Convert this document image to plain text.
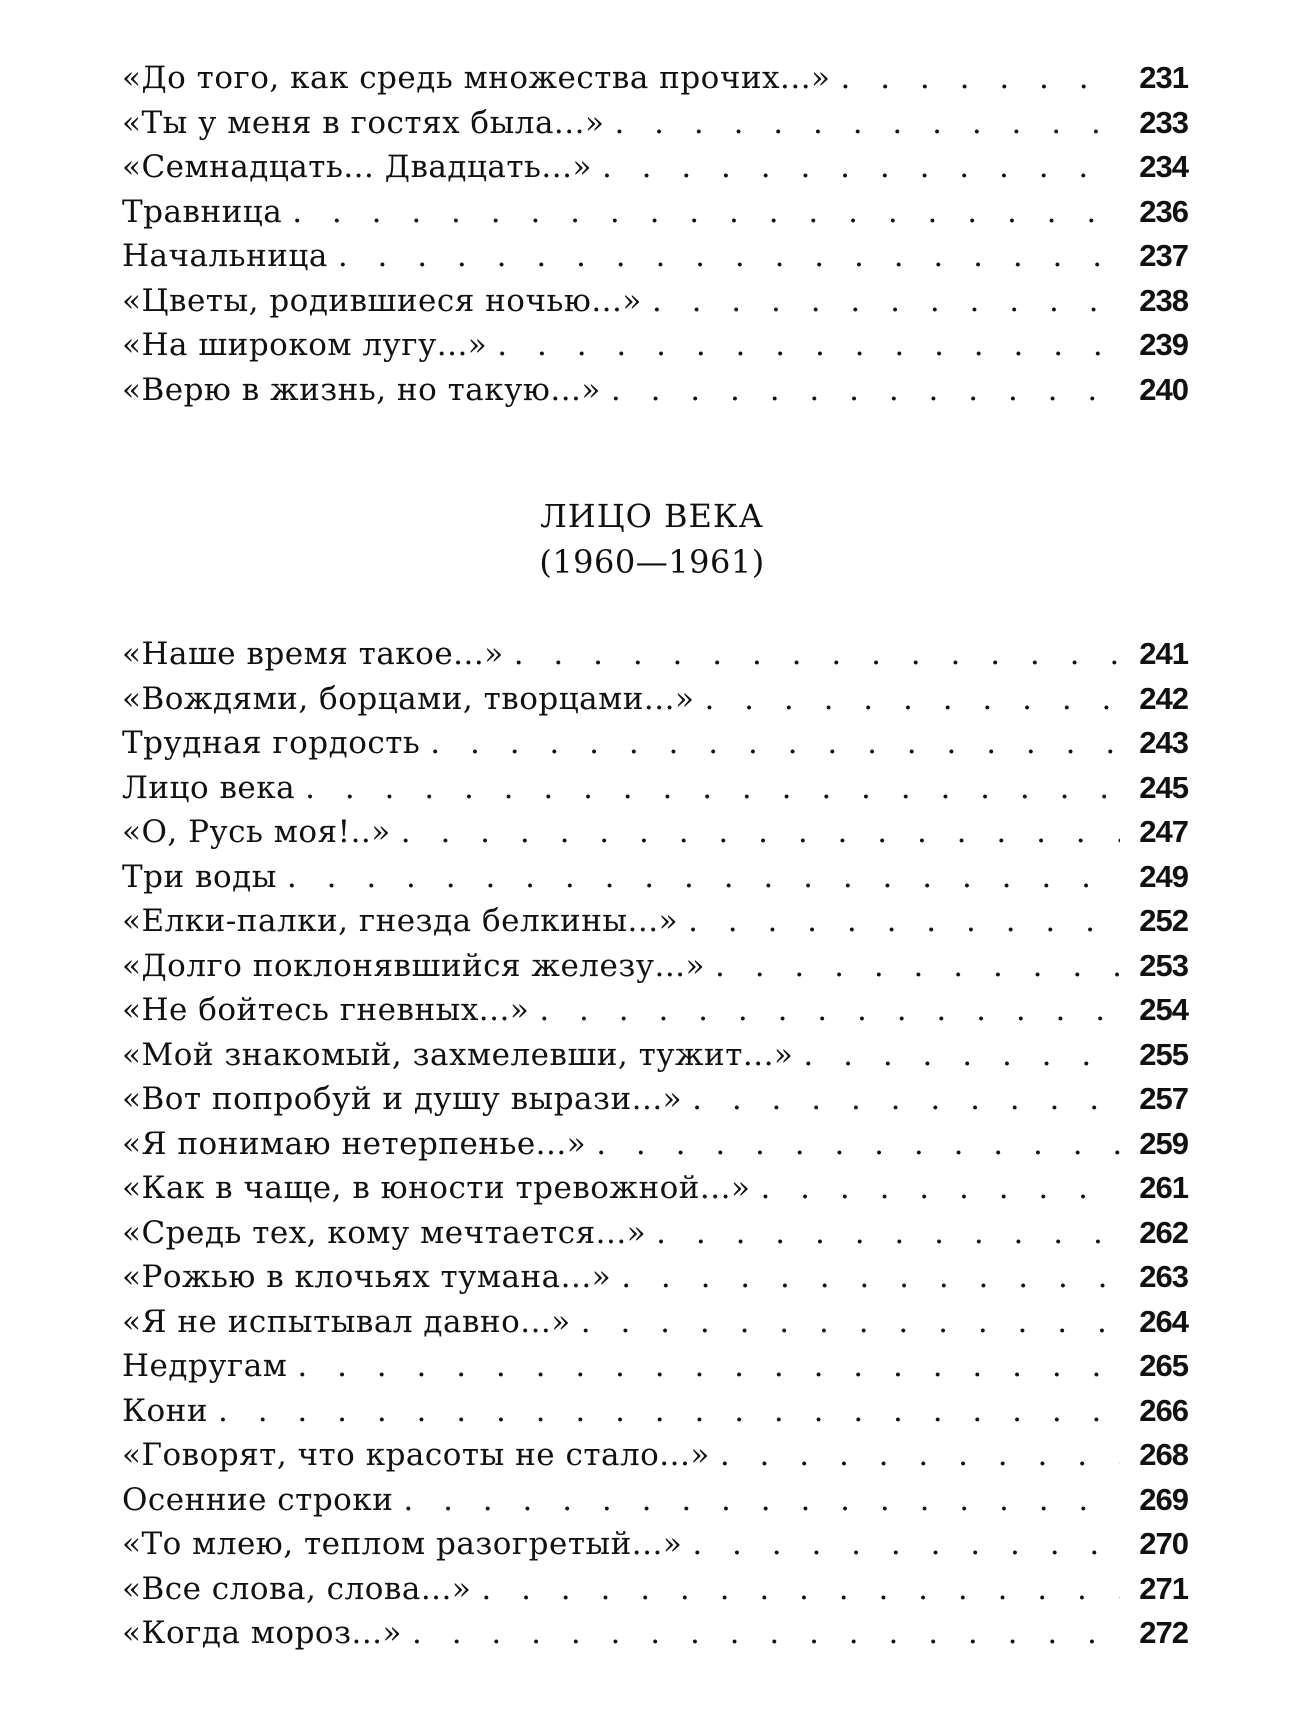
«До того, как средь множества прочих...» . . .	231
«Ты у меня в гостях была...» . . .	233
«Семнадцать... Двадцать...» . . .	234
Травница . . .	236
Начальница . . .	237
«Цветы, родившиеся ночью...» . . .	238
«На широком лугу...» . . .	239
«Верю в жизнь, но такую...» . . .	240
ЛИЦО ВЕКА
(1960—1961)
«Наше время такое...» . . .	241
«Вождями, борцами, творцами...» . . .	242
Трудная гордость . . .	243
Лицо века . . .	245
«О, Русь моя!..» . . .	247
Три воды . . .	249
«Елки-палки, гнезда белкины...» . . .	252
«Долго поклонявшийся железу...» . . .	253
«Не бойтесь гневных...» . . .	254
«Мой знакомый, захмелевши, тужит...» . . .	255
«Вот попробуй и душу вырази...» . . .	257
«Я понимаю нетерпенье...» . . .	259
«Как в чаще, в юности тревожной...» . . .	261
«Средь тех, кому мечтается...» . . .	262
«Рожью в клочьях тумана...» . . .	263
«Я не испытывал давно...» . . .	264
Недругам . . .	265
Кони . . .	266
«Говорят, что красоты не стало...» . . .	268
Осенние строки . . .	269
«То млею, теплом разогретый...» . . .	270
«Все слова, слова...» . . .	271
«Когда мороз...» . . .	272
